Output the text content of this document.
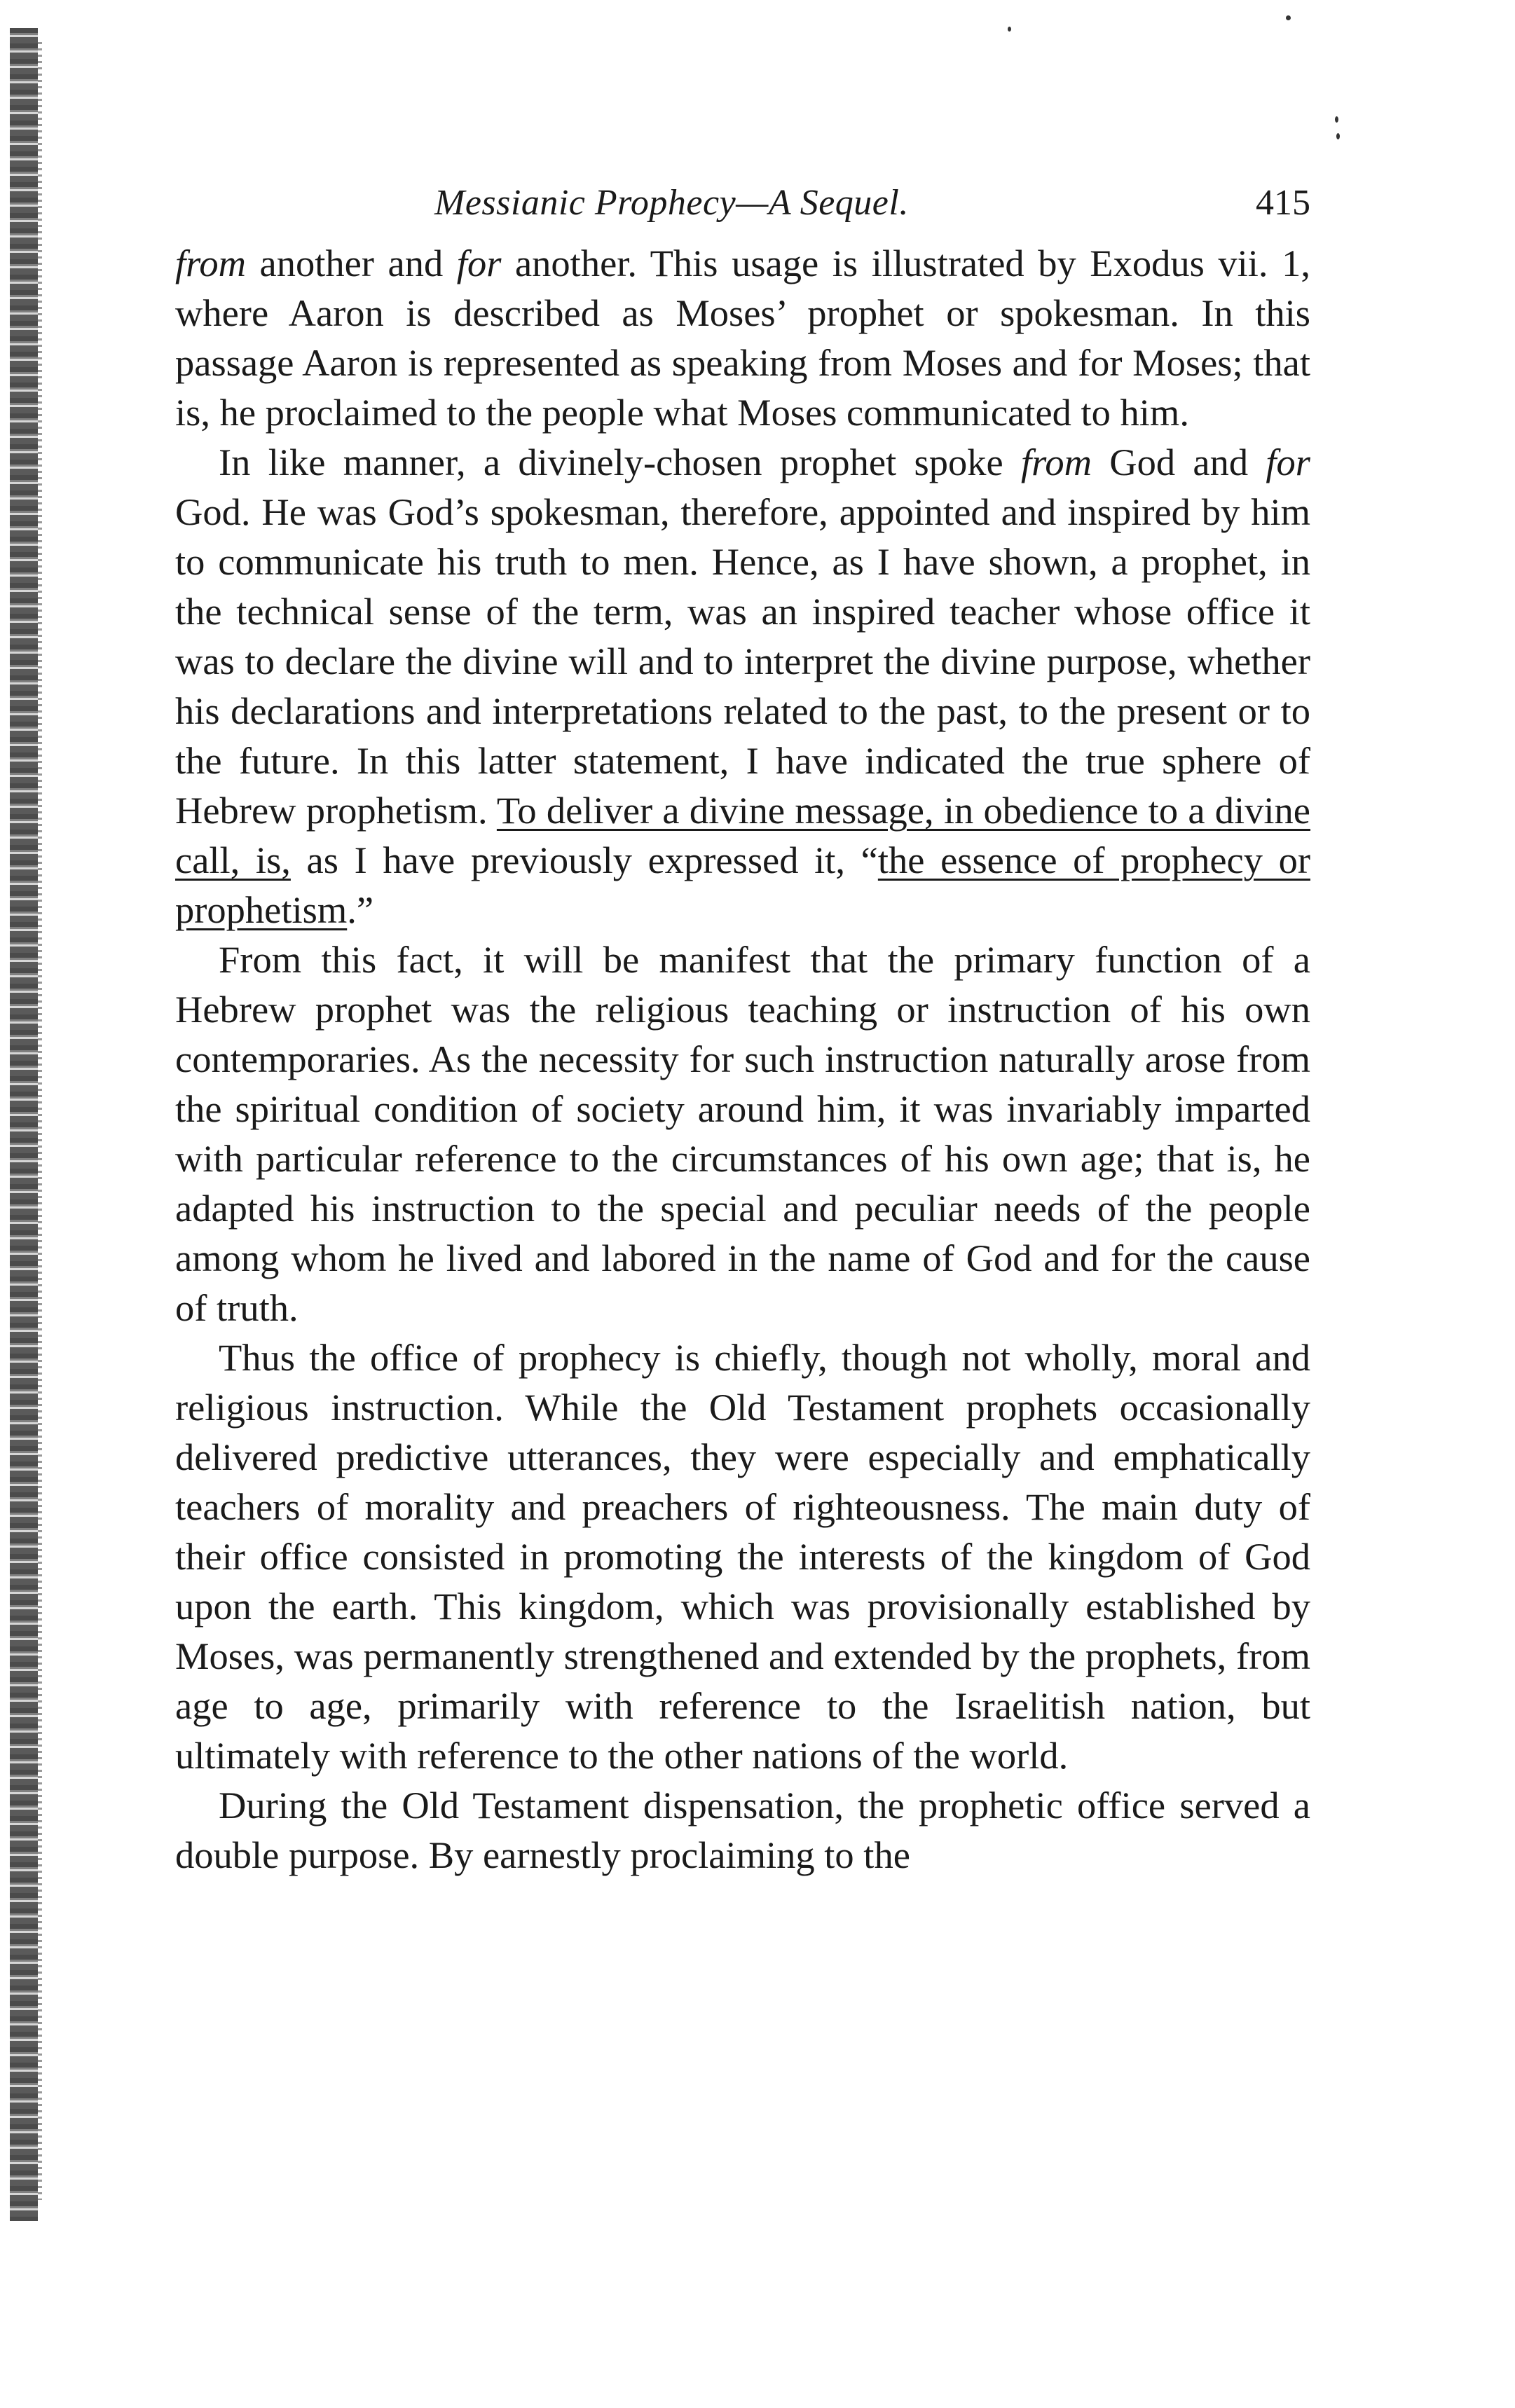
Messianic Prophecy—A Sequel.	415

from another and for another. This usage is illustrated by Exodus vii. 1, where Aaron is described as Moses’ prophet or spokesman. In this passage Aaron is represented as speaking from Moses and for Moses; that is, he proclaimed to the people what Moses communicated to him.

In like manner, a divinely-chosen prophet spoke from God and for God. He was God’s spokesman, therefore, appointed and inspired by him to communicate his truth to men. Hence, as I have shown, a prophet, in the technical sense of the term, was an inspired teacher whose office it was to declare the divine will and to interpret the divine purpose, whether his declarations and interpretations related to the past, to the present or to the future. In this latter statement, I have indicated the true sphere of Hebrew prophetism. To deliver a divine message, in obedience to a divine call, is, as I have previously expressed it, “the essence of prophecy or prophetism.”

From this fact, it will be manifest that the primary function of a Hebrew prophet was the religious teaching or instruction of his own contemporaries. As the necessity for such instruction naturally arose from the spiritual condition of society around him, it was invariably imparted with particular reference to the circumstances of his own age; that is, he adapted his instruction to the special and peculiar needs of the people among whom he lived and labored in the name of God and for the cause of truth.

Thus the office of prophecy is chiefly, though not wholly, moral and religious instruction. While the Old Testament prophets occasionally delivered predictive utterances, they were especially and emphatically teachers of morality and preachers of righteousness. The main duty of their office consisted in promoting the interests of the kingdom of God upon the earth. This kingdom, which was provisionally established by Moses, was permanently strengthened and extended by the prophets, from age to age, primarily with reference to the Israelitish nation, but ultimately with reference to the other nations of the world.

During the Old Testament dispensation, the prophetic office served a double purpose. By earnestly proclaiming to the
